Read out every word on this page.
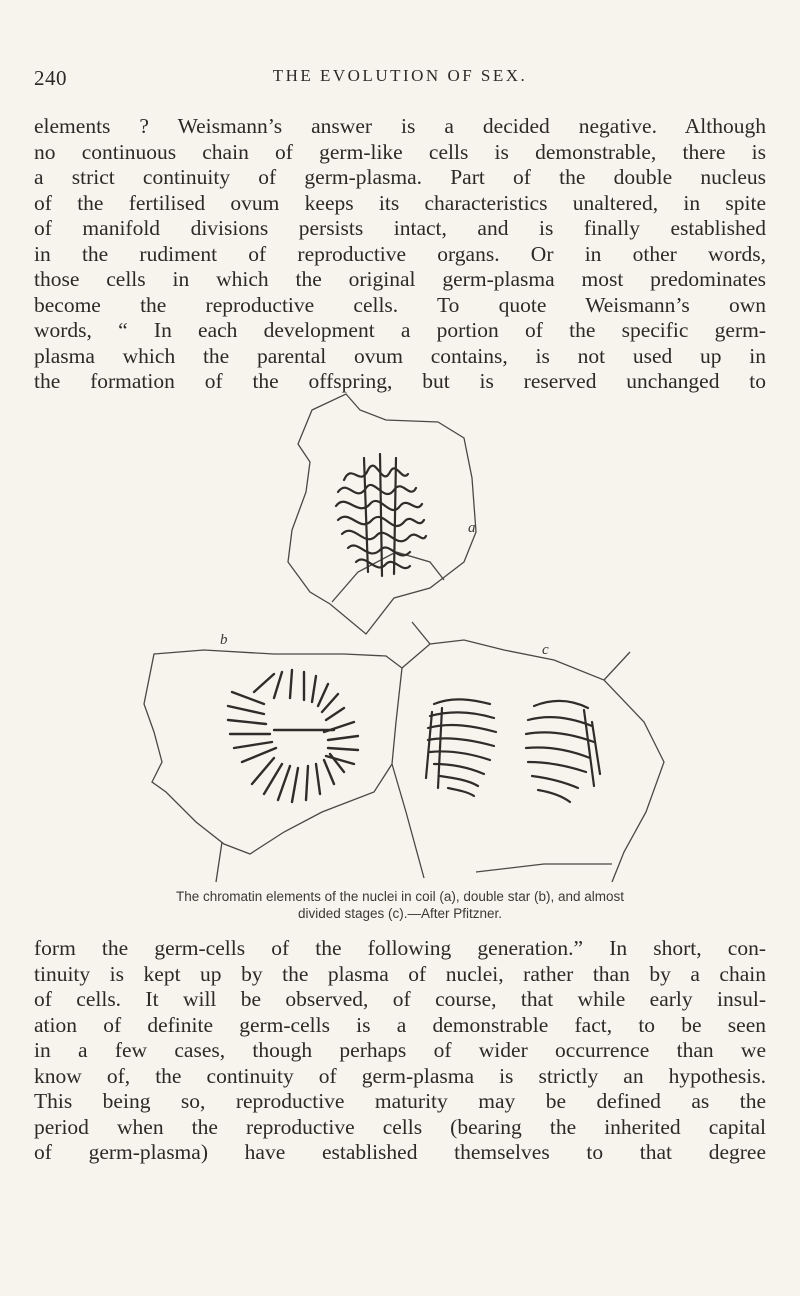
240	THE EVOLUTION OF SEX.
elements ? Weismann’s answer is a decided negative. Although
no continuous chain of germ-like cells is demonstrable, there is
a strict continuity of germ-plasma. Part of the double nucleus
of the fertilised ovum keeps its characteristics unaltered, in spite
of manifold divisions persists intact, and is finally established
in the rudiment of reproductive organs. Or in other words,
those cells in which the original germ-plasma most predominates
become the reproductive cells. To quote Weismann’s own
words, “ In each development a portion of the specific germ-
plasma which the parental ovum contains, is not used up in
the formation of the offspring, but is reserved unchanged to
a
b
c
The chromatin elements of the nuclei in coil (a), double star (b), and almost
divided stages (c).—After Pfitzner.
form the germ-cells of the following generation.” In short, con-
tinuity is kept up by the plasma of nuclei, rather than by a chain
of cells. It will be observed, of course, that while early insul-
ation of definite germ-cells is a demonstrable fact, to be seen
in a few cases, though perhaps of wider occurrence than we
know of, the continuity of germ-plasma is strictly an hypothesis.
This being so, reproductive maturity may be defined as the
period when the reproductive cells (bearing the inherited capital
of germ-plasma) have established themselves to that degree
